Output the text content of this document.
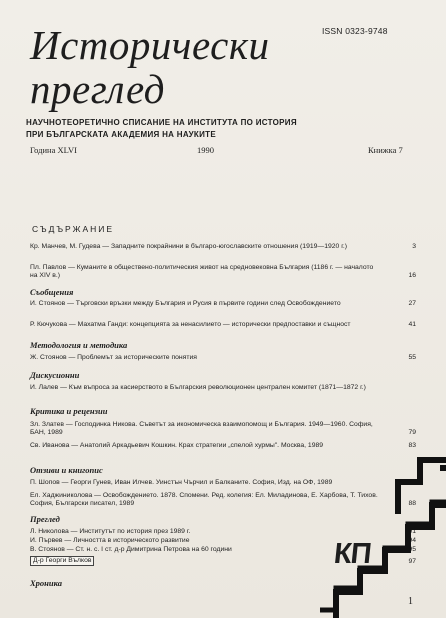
ISSN 0323-9748
Исторически
преглед
НАУЧНОТЕОРЕТИЧНО СПИСАНИЕ НА ИНСТИТУТА ПО ИСТОРИЯ
ПРИ БЪЛГАРСКАТА АКАДЕМИЯ НА НАУКИТЕ
Година XLVI	1990	Книжка 7
СЪДЪРЖАНИЕ
Кр. Манчев, М. Гудева — Западните покрайнини в българо-югославските отношения (1919—1920 г.)	3
Пл. Павлов — Куманите в обществено-политическия живот на средновековна България (1186 г. — началото на XIV в.)	16
Съобщения
И. Стоянов — Търговски връзки между България и Русия в първите години след Освобождението	27
Р. Кючукова — Махатма Ганди: концепцията за ненасилието — исторически предпоставки и същност	41
Методология и методика
Ж. Стоянов — Проблемът за историческите понятия	55
Дискусионни
И. Лалев — Към въпроса за касиерството в Българския революционен централен комитет (1871—1872 г.)
Критика и рецензии
Зл. Златев — Господинка Никова. Съветът за икономическа взаимопомощ и България. 1949—1960. София, БАН, 1989	79
Св. Иванова — Анатолий Аркадьевич Кошкин. Крах стратегии „спелой хурмы". Москва, 1989	83
Отзиви и книгопис
П. Шопов — Георги Гунев, Иван Илчев. Уинстън Чърчил и Балканите. София, Изд. на ОФ, 1989	86
Ел. Хаджиниколова — Освобождението. 1878. Спомени. Ред. колегия: Ел. Миладинова, Е. Харбова, Т. Тихов. София, Български писател, 1989	88
Преглед
Л. Николова — Институтът по история през 1989 г.	91
И. Първев — Личността в историческото развитие	94
В. Стоянов — Ст. н. с. I ст. д-р Димитрина Петрова на 60 години	95
Д-р Георги Вълков	97
Хроника
КП
1
